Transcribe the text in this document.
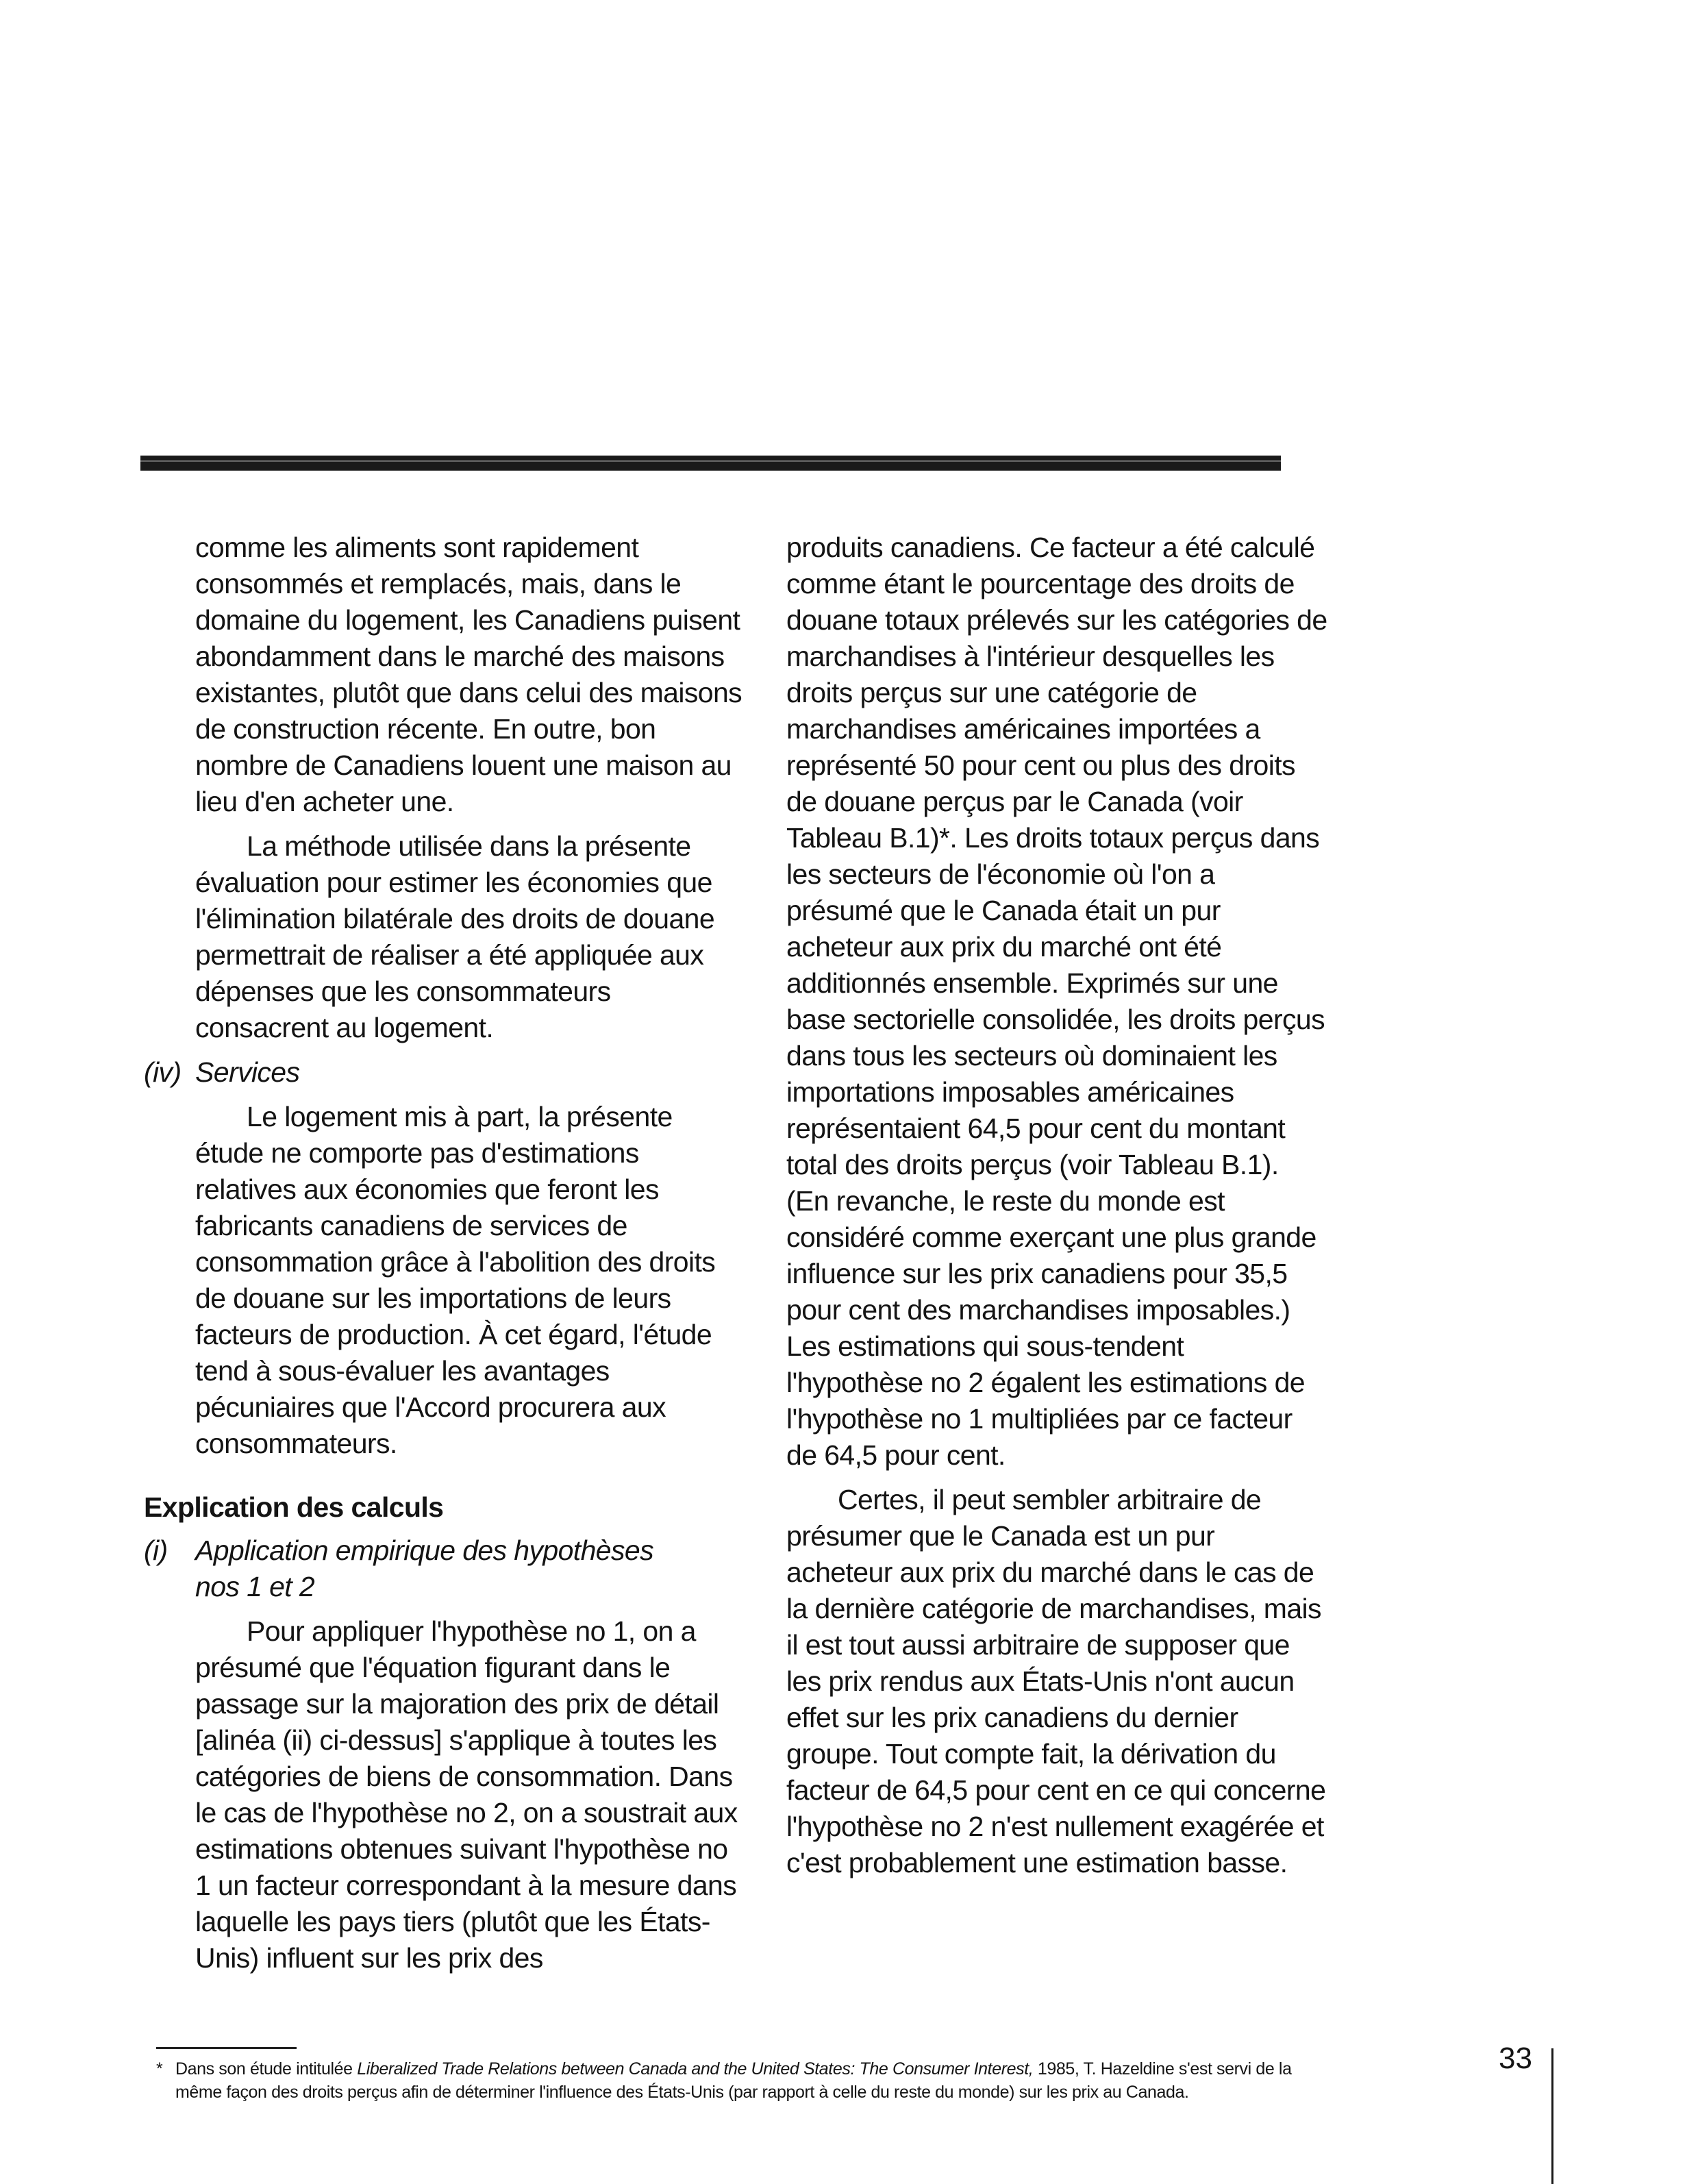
comme les aliments sont rapidement consommés et remplacés, mais, dans le domaine du logement, les Canadiens puisent abondamment dans le marché des maisons existantes, plutôt que dans celui des maisons de construction récente. En outre, bon nombre de Canadiens louent une maison au lieu d'en acheter une.

La méthode utilisée dans la présente évaluation pour estimer les économies que l'élimination bilatérale des droits de douane permettrait de réaliser a été appliquée aux dépenses que les consommateurs consacrent au logement.

(iv) Services

Le logement mis à part, la présente étude ne comporte pas d'estimations relatives aux économies que feront les fabricants canadiens de services de consommation grâce à l'abolition des droits de douane sur les importations de leurs facteurs de production. À cet égard, l'étude tend à sous-évaluer les avantages pécuniaires que l'Accord procurera aux consommateurs.

Explication des calculs
(i) Application empirique des hypothèses nos 1 et 2

Pour appliquer l'hypothèse no 1, on a présumé que l'équation figurant dans le passage sur la majoration des prix de détail [alinéa (ii) ci-dessus] s'applique à toutes les catégories de biens de consommation. Dans le cas de l'hypothèse no 2, on a soustrait aux estimations obtenues suivant l'hypothèse no 1 un facteur correspondant à la mesure dans laquelle les pays tiers (plutôt que les États-Unis) influent sur les prix des

produits canadiens. Ce facteur a été calculé comme étant le pourcentage des droits de douane totaux prélevés sur les catégories de marchandises à l'intérieur desquelles les droits perçus sur une catégorie de marchandises américaines importées a représenté 50 pour cent ou plus des droits de douane perçus par le Canada (voir Tableau B.1)*. Les droits totaux perçus dans les secteurs de l'économie où l'on a présumé que le Canada était un pur acheteur aux prix du marché ont été additionnés ensemble. Exprimés sur une base sectorielle consolidée, les droits perçus dans tous les secteurs où dominaient les importations imposables américaines représentaient 64,5 pour cent du montant total des droits perçus (voir Tableau B.1). (En revanche, le reste du monde est considéré comme exerçant une plus grande influence sur les prix canadiens pour 35,5 pour cent des marchandises imposables.) Les estimations qui sous-tendent l'hypothèse no 2 égalent les estimations de l'hypothèse no 1 multipliées par ce facteur de 64,5 pour cent.

Certes, il peut sembler arbitraire de présumer que le Canada est un pur acheteur aux prix du marché dans le cas de la dernière catégorie de marchandises, mais il est tout aussi arbitraire de supposer que les prix rendus aux États-Unis n'ont aucun effet sur les prix canadiens du dernier groupe. Tout compte fait, la dérivation du facteur de 64,5 pour cent en ce qui concerne l'hypothèse no 2 n'est nullement exagérée et c'est probablement une estimation basse.

* Dans son étude intitulée Liberalized Trade Relations between Canada and the United States: The Consumer Interest, 1985, T. Hazeldine s'est servi de la même façon des droits perçus afin de déterminer l'influence des États-Unis (par rapport à celle du reste du monde) sur les prix au Canada.
33
